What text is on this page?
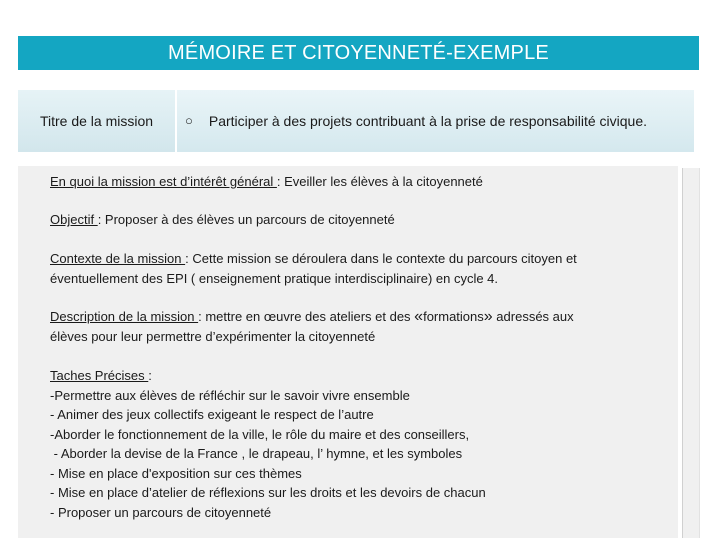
MÉMOIRE ET CITOYENNETÉ-EXEMPLE
Titre de la mission ○ Participer à des projets contribuant à la prise de responsabilité civique.
En quoi la mission est d’intérêt général : Eveiller les élèves à la citoyenneté
Objectif : Proposer à des élèves un parcours de citoyenneté
Contexte de la mission : Cette mission se déroulera dans le contexte du parcours citoyen et
éventuellement des EPI ( enseignement pratique interdisciplinaire) en cycle 4.
Description de la mission : mettre en œuvre des ateliers et des «formations» adressés aux
élèves pour leur permettre d’expérimenter la citoyenneté
Taches Précises :
-Permettre aux élèves de réfléchir sur le savoir vivre ensemble
- Animer des jeux collectifs exigeant le respect de l’autre
-Aborder le fonctionnement de la ville, le rôle du maire et des conseillers,
- Aborder la devise de la France , le drapeau, l’ hymne, et les symboles
- Mise en place d'exposition sur ces thèmes
- Mise en place d’atelier de réflexions sur les droits et les devoirs de chacun
- Proposer un parcours de citoyenneté
